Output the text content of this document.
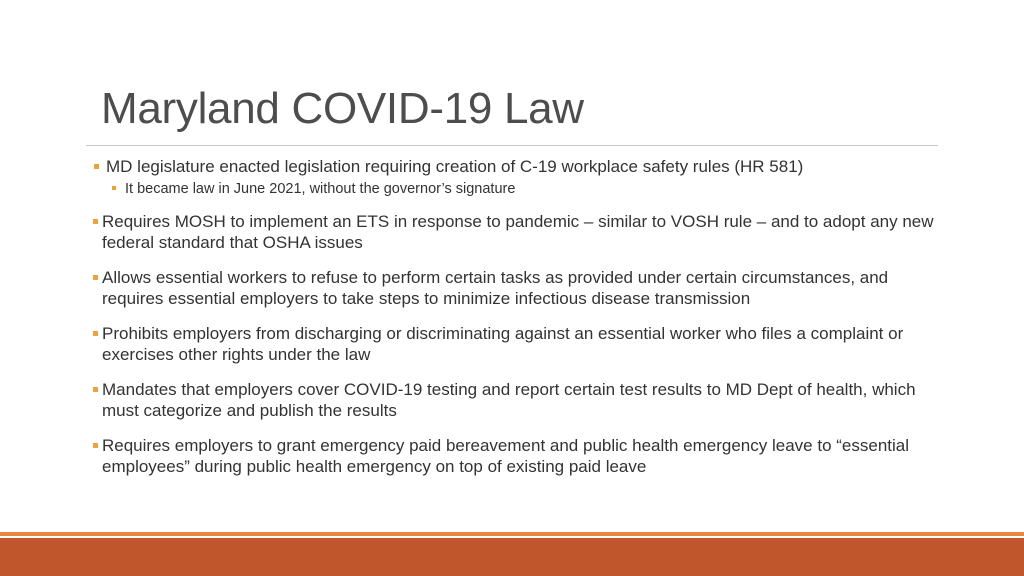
Maryland COVID-19 Law
MD legislature enacted legislation requiring creation of C-19 workplace safety rules (HR 581)
It became law in June 2021, without the governor’s signature
Requires MOSH to implement an ETS in response to pandemic – similar to VOSH rule – and to adopt any new federal standard that OSHA issues
Allows essential workers to refuse to perform certain tasks as provided under certain circumstances, and requires essential employers to take steps to minimize infectious disease transmission
Prohibits employers from discharging or discriminating against an essential worker who files a complaint or exercises other rights under the law
Mandates that employers cover COVID-19 testing and report certain test results to MD Dept of health, which must categorize and publish the results
Requires employers to grant emergency paid bereavement and public health emergency leave to “essential employees” during public health emergency on top of existing paid leave
